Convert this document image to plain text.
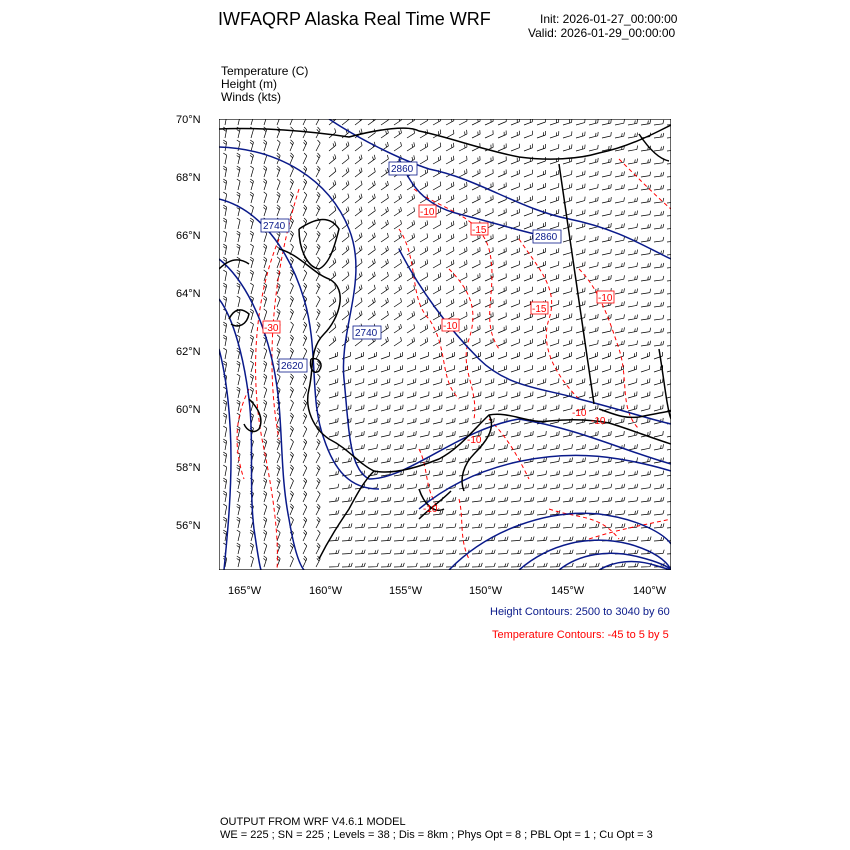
IWFAQRP Alaska Real Time WRF	Init: 2026-01-27_00:00:00
Valid: 2026-01-29_00:00:00
Temperature (C)
Height (m)
Winds (kts)
70°N
68°N
66°N
64°N
62°N
60°N
58°N
56°N
165°W	160°W	155°W	150°W	145°W	140°W
2860
2860
2740
2740
2620
-10
-15
-15
-10
-10
-30
-10
-10
-10
-10
Height Contours: 2500 to 3040 by 60
Temperature Contours: -45 to 5 by 5
OUTPUT FROM WRF V4.6.1 MODEL
WE = 225 ; SN = 225 ; Levels = 38 ; Dis = 8km ; Phys Opt = 8 ; PBL Opt = 1 ; Cu Opt = 3
